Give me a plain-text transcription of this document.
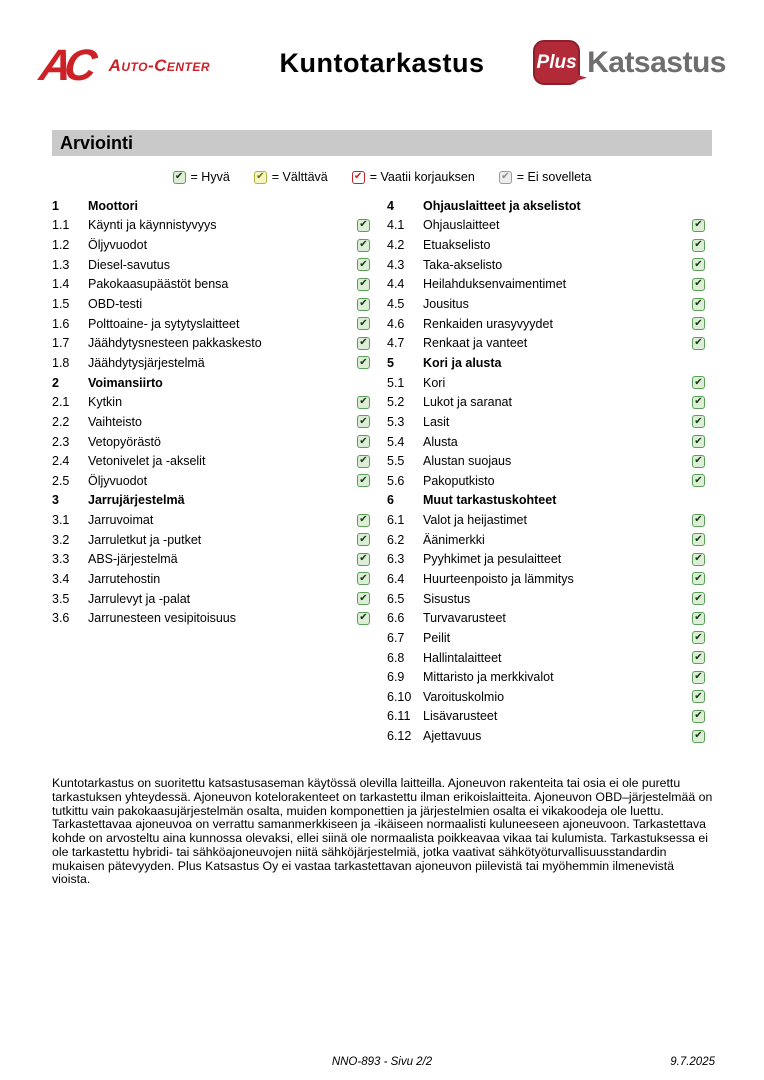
AC Auto-Center	Kuntotarkastus	Plus Katsastus
Arviointi
✔ = Hyvä	✔ = Välttävä	✔ = Vaatii korjauksen	✔ = Ei sovelleta
1	Moottori
1.1	Käynti ja käynnistyvyys	✔
1.2	Öljyvuodot	✔
1.3	Diesel-savutus	✔
1.4	Pakokaasupäästöt bensa	✔
1.5	OBD-testi	✔
1.6	Polttoaine- ja sytytyslaitteet	✔
1.7	Jäähdytysnesteen pakkaskesto	✔
1.8	Jäähdytysjärjestelmä	✔
2	Voimansiirto
2.1	Kytkin	✔
2.2	Vaihteisto	✔
2.3	Vetopyörästö	✔
2.4	Vetonivelet ja -akselit	✔
2.5	Öljyvuodot	✔
3	Jarrujärjestelmä
3.1	Jarruvoimat	✔
3.2	Jarruletkut ja -putket	✔
3.3	ABS-järjestelmä	✔
3.4	Jarrutehostin	✔
3.5	Jarrulevyt ja -palat	✔
3.6	Jarrunesteen vesipitoisuus	✔
4	Ohjauslaitteet ja akselistot
4.1	Ohjauslaitteet	✔
4.2	Etuakselisto	✔
4.3	Taka-akselisto	✔
4.4	Heilahduksenvaimentimet	✔
4.5	Jousitus	✔
4.6	Renkaiden urasyvyydet	✔
4.7	Renkaat ja vanteet	✔
5	Kori ja alusta
5.1	Kori	✔
5.2	Lukot ja saranat	✔
5.3	Lasit	✔
5.4	Alusta	✔
5.5	Alustan suojaus	✔
5.6	Pakoputkisto	✔
6	Muut tarkastuskohteet
6.1	Valot ja heijastimet	✔
6.2	Äänimerkki	✔
6.3	Pyyhkimet ja pesulaitteet	✔
6.4	Huurteenpoisto ja lämmitys	✔
6.5	Sisustus	✔
6.6	Turvavarusteet	✔
6.7	Peilit	✔
6.8	Hallintalaitteet	✔
6.9	Mittaristo ja merkkivalot	✔
6.10 Varoituskolmio	✔
6.11	Lisävarusteet	✔
6.12 Ajettavuus	✔

Kuntotarkastus on suoritettu katsastusaseman käytössä olevilla laitteilla. Ajoneuvon rakenteita tai osia ei ole purettu tarkastuksen yhteydessä. Ajoneuvon kotelorakenteet on tarkastettu ilman erikoislaitteita. Ajoneuvon OBD–järjestelmää on tutkittu vain pakokaasujärjestelmän osalta, muiden komponettien ja järjestelmien osalta ei vikakoodeja ole luettu. Tarkastettavaa ajoneuvoa on verrattu samanmerkkiseen ja -ikäiseen normaalisti kuluneeseen ajoneuvoon. Tarkastettava kohde on arvosteltu aina kunnossa olevaksi, ellei siinä ole normaalista poikkeavaa vikaa tai kulumista. Tarkastuksessa ei ole tarkastettu hybridi- tai sähköajoneuvojen niitä sähköjärjestelmiä, jotka vaativat sähkötyöturvallisuusstandardin mukaisen pätevyyden. Plus Katsastus Oy ei vastaa tarkastettavan ajoneuvon piilevistä tai myöhemmin ilmenevistä vioista.

NNO-893 - Sivu 2/2	9.7.2025
